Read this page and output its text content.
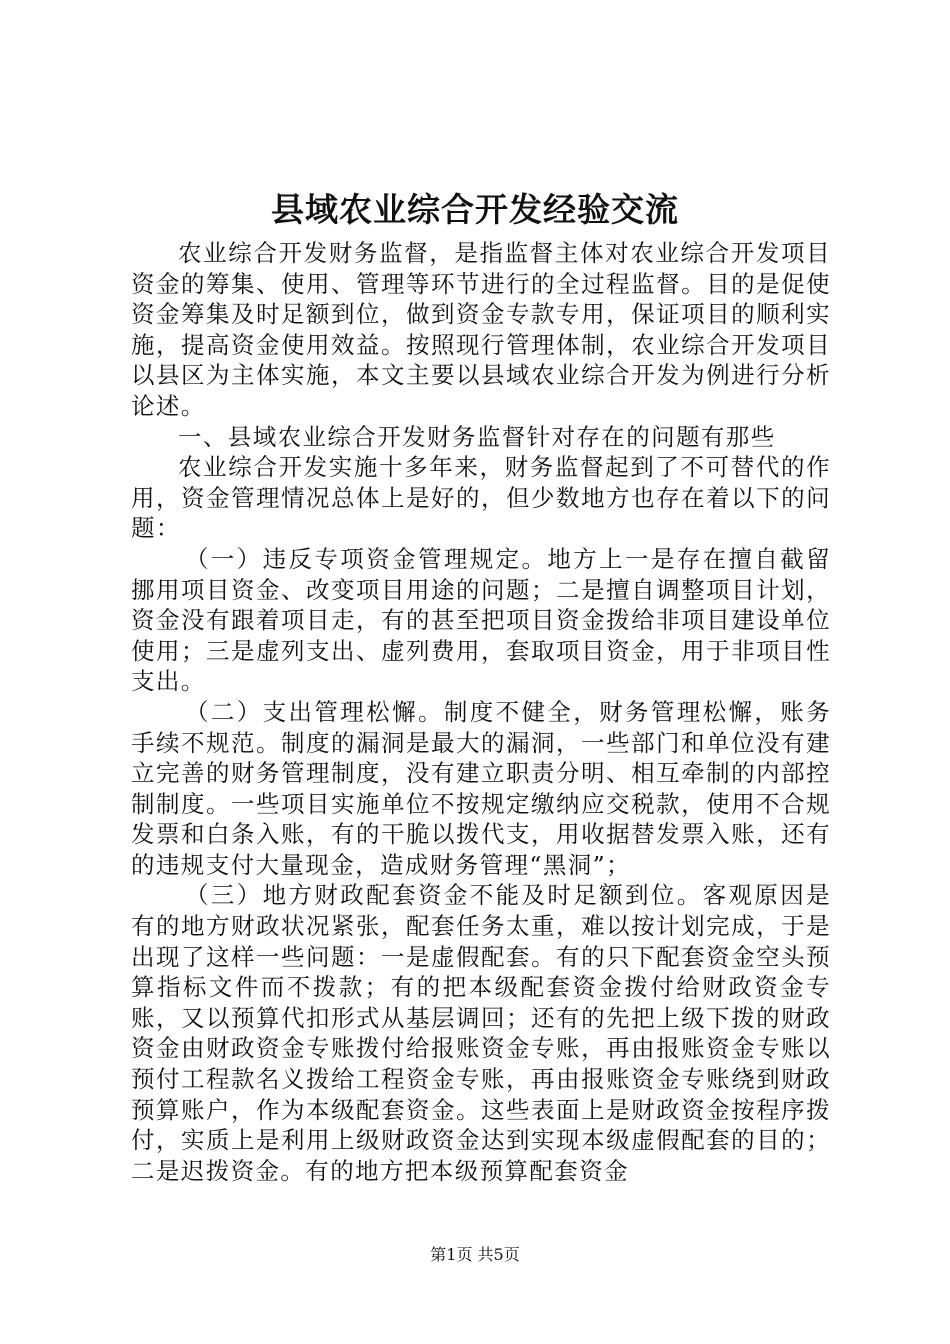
县域农业综合开发经验交流

农业综合开发财务监督，是指监督主体对农业综合开发项目资金的筹集、使用、管理等环节进行的全过程监督。目的是促使资金筹集及时足额到位，做到资金专款专用，保证项目的顺利实施，提高资金使用效益。按照现行管理体制，农业综合开发项目以县区为主体实施，本文主要以县域农业综合开发为例进行分析论述。

一、县域农业综合开发财务监督针对存在的问题有那些

农业综合开发实施十多年来，财务监督起到了不可替代的作用，资金管理情况总体上是好的，但少数地方也存在着以下的问题：

（一）违反专项资金管理规定。地方上一是存在擅自截留挪用项目资金、改变项目用途的问题；二是擅自调整项目计划，资金没有跟着项目走，有的甚至把项目资金拨给非项目建设单位使用；三是虚列支出、虚列费用，套取项目资金，用于非项目性支出。

（二）支出管理松懈。制度不健全，财务管理松懈，账务手续不规范。制度的漏洞是最大的漏洞，一些部门和单位没有建立完善的财务管理制度，没有建立职责分明、相互牵制的内部控制制度。一些项目实施单位不按规定缴纳应交税款，使用不合规发票和白条入账，有的干脆以拨代支，用收据替发票入账，还有的违规支付大量现金，造成财务管理“黑洞”；

（三）地方财政配套资金不能及时足额到位。客观原因是有的地方财政状况紧张，配套任务太重，难以按计划完成，于是出现了这样一些问题：一是虚假配套。有的只下配套资金空头预算指标文件而不拨款；有的把本级配套资金拨付给财政资金专账，又以预算代扣形式从基层调回；还有的先把上级下拨的财政资金由财政资金专账拨付给报账资金专账，再由报账资金专账以预付工程款名义拨给工程资金专账，再由报账资金专账绕到财政预算账户，作为本级配套资金。这些表面上是财政资金按程序拨付，实质上是利用上级财政资金达到实现本级虚假配套的目的；二是迟拨资金。有的地方把本级预算配套资金

第1页 共5页
